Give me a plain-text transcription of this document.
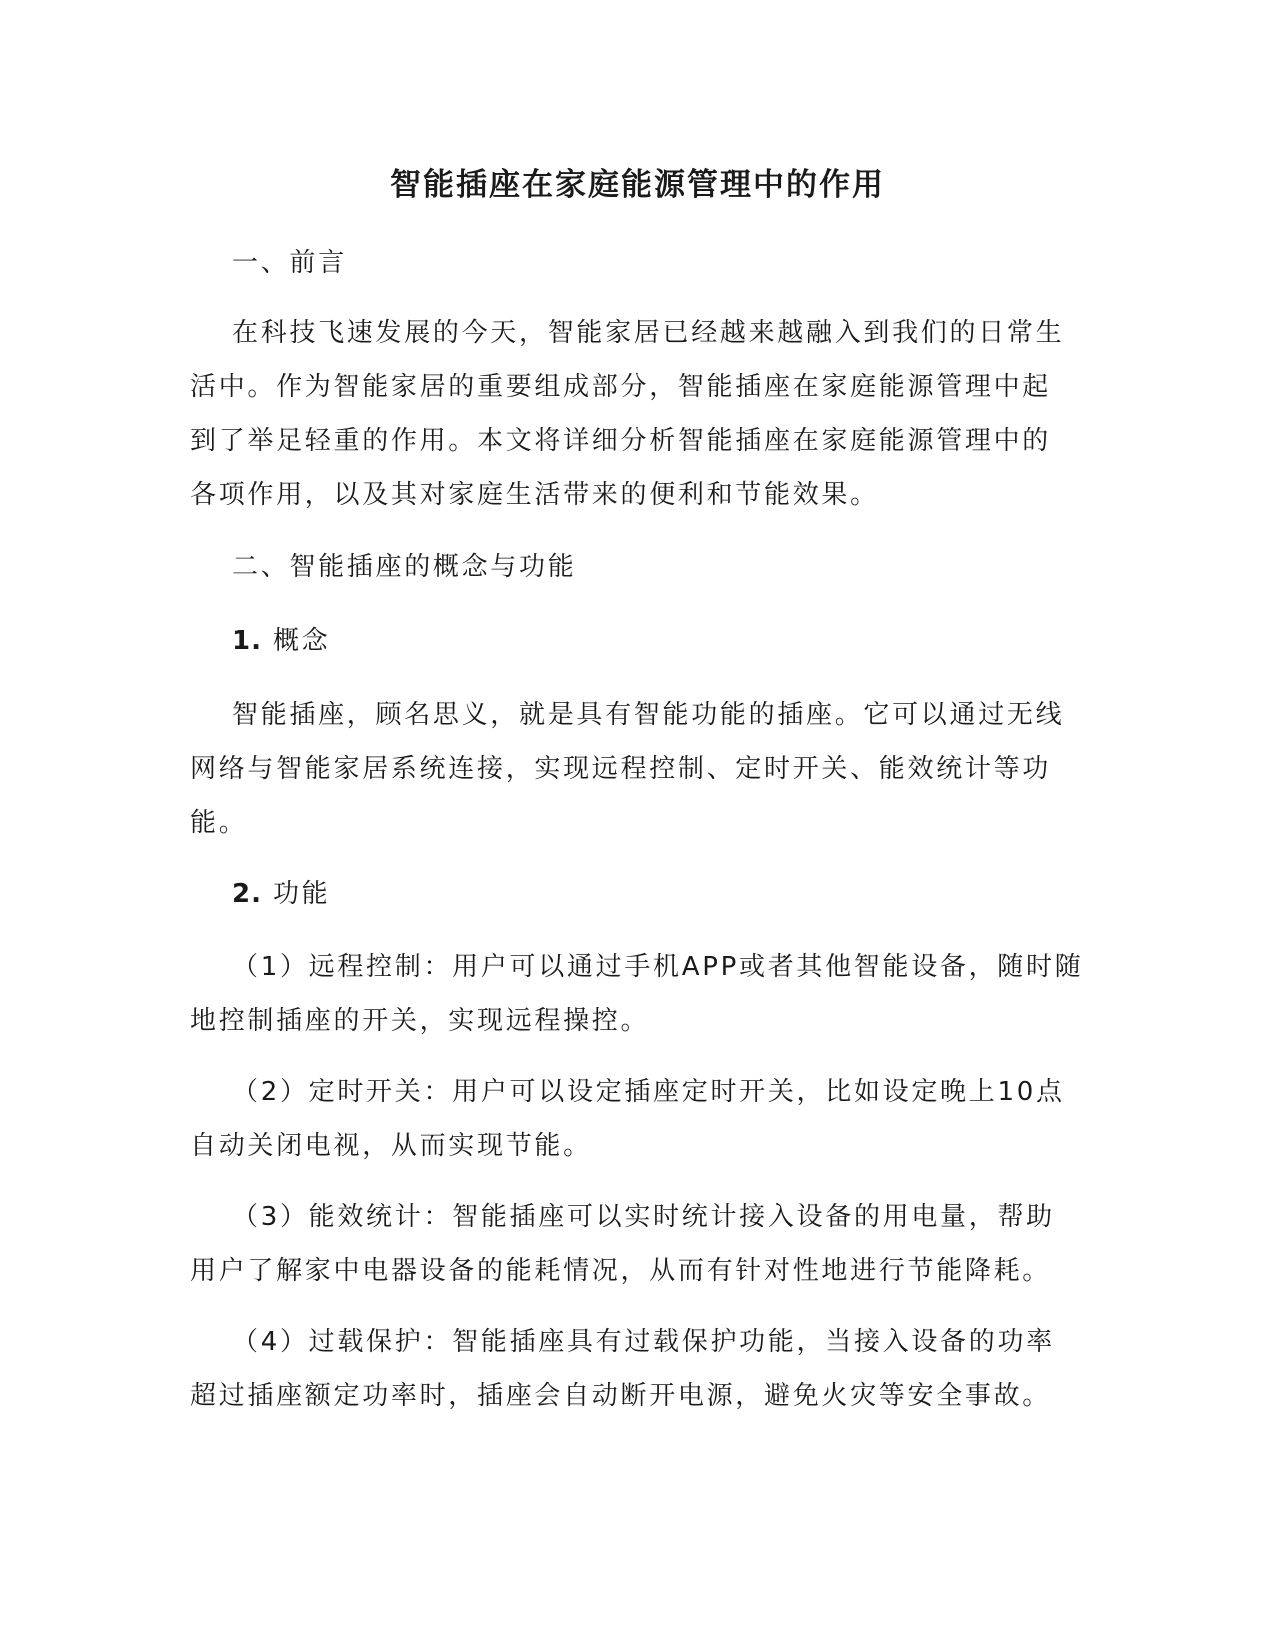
智能插座在家庭能源管理中的作用

一、前言

在科技飞速发展的今天，智能家居已经越来越融入到我们的日常生

活中。作为智能家居的重要组成部分，智能插座在家庭能源管理中起

到了举足轻重的作用。本文将详细分析智能插座在家庭能源管理中的

各项作用，以及其对家庭生活带来的便利和节能效果。

二、智能插座的概念与功能

1. 概念

智能插座，顾名思义，就是具有智能功能的插座。它可以通过无线

网络与智能家居系统连接，实现远程控制、定时开关、能效统计等功

能。

2. 功能

（1）远程控制：用户可以通过手机APP或者其他智能设备，随时随

地控制插座的开关，实现远程操控。

（2）定时开关：用户可以设定插座定时开关，比如设定晚上10点

自动关闭电视，从而实现节能。

（3）能效统计：智能插座可以实时统计接入设备的用电量，帮助

用户了解家中电器设备的能耗情况，从而有针对性地进行节能降耗。

（4）过载保护：智能插座具有过载保护功能，当接入设备的功率

超过插座额定功率时，插座会自动断开电源，避免火灾等安全事故。
